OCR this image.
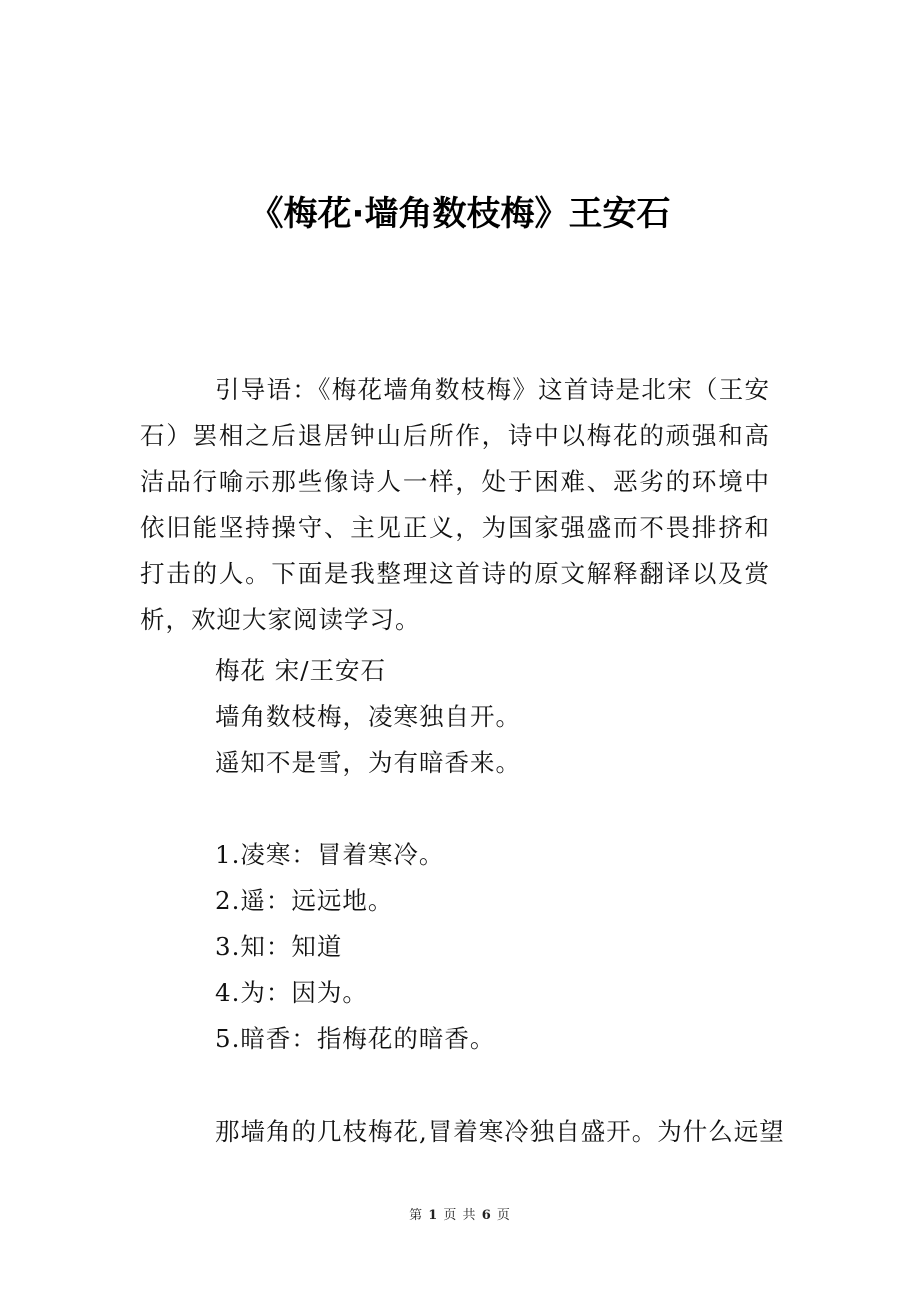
《梅花·墙角数枝梅》王安石
引导语：《梅花墙角数枝梅》这首诗是北宋（王安石）罢相之后退居钟山后所作，诗中以梅花的顽强和高洁品行喻示那些像诗人一样，处于困难、恶劣的环境中依旧能坚持操守、主见正义，为国家强盛而不畏排挤和打击的人。下面是我整理这首诗的原文解释翻译以及赏析，欢迎大家阅读学习。
梅花 宋/王安石
墙角数枝梅，凌寒独自开。
遥知不是雪，为有暗香来。
1.凌寒：冒着寒冷。
2.遥：远远地。
3.知：知道
4.为：因为。
5.暗香：指梅花的暗香。
那墙角的几枝梅花,冒着寒冷独自盛开。为什么远望
第 1 页 共 6 页
